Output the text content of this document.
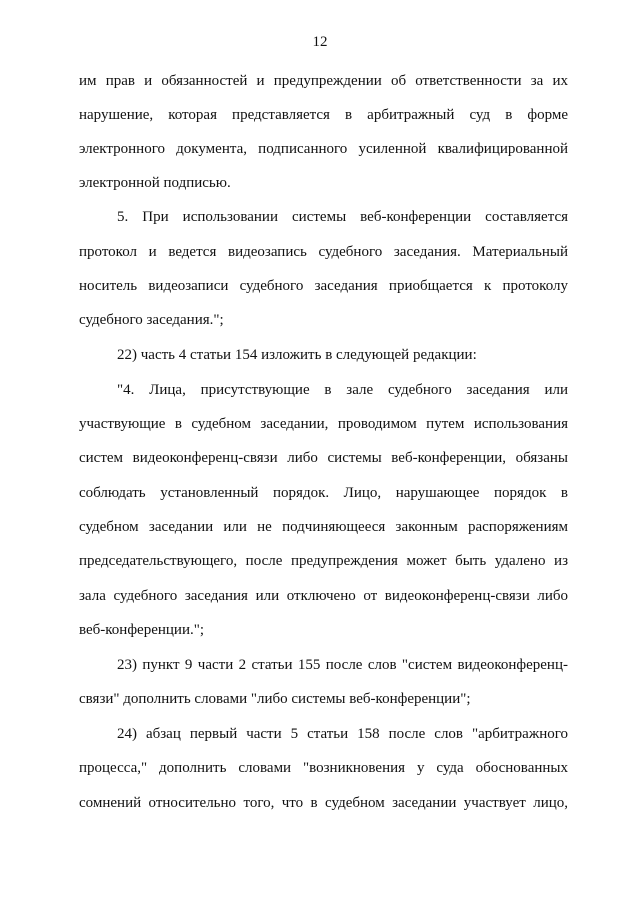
12
им прав и обязанностей и предупреждении об ответственности за их
нарушение, которая представляется в арбитражный суд в форме
электронного документа, подписанного усиленной квалифицированной
электронной подписью.
5. При использовании системы веб-конференции составляется
протокол и ведется видеозапись судебного заседания. Материальный
носитель видеозаписи судебного заседания приобщается к протоколу
судебного заседания.";
22) часть 4 статьи 154 изложить в следующей редакции:
"4. Лица, присутствующие в зале судебного заседания или
участвующие в судебном заседании, проводимом путем использования
систем видеоконференц-связи либо системы веб-конференции, обязаны
соблюдать установленный порядок. Лицо, нарушающее порядок в
судебном заседании или не подчиняющееся законным распоряжениям
председательствующего, после предупреждения может быть удалено из
зала судебного заседания или отключено от видеоконференц-связи либо
веб-конференции.";
23) пункт 9 части 2 статьи 155 после слов "систем видеоконференц-
связи" дополнить словами "либо системы веб-конференции";
24) абзац первый части 5 статьи 158 после слов "арбитражного
процесса," дополнить словами "возникновения у суда обоснованных
сомнений относительно того, что в судебном заседании участвует лицо,
